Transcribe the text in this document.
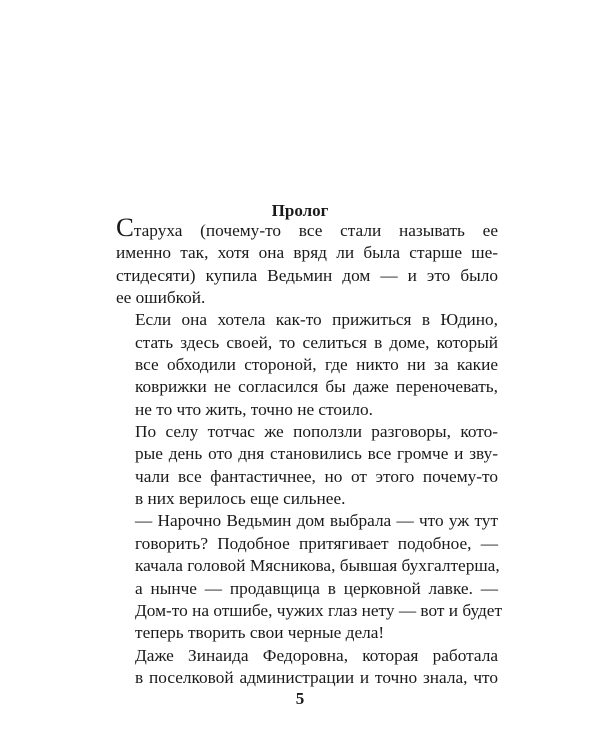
Пролог

Старуха (почему-то все стали называть ее
именно так, хотя она вряд ли была старше ше-
стидесяти) купила Ведьмин дом — и это было
ее ошибкой.

Если она хотела как-то прижиться в Юдино,
стать здесь своей, то селиться в доме, который
все обходили стороной, где никто ни за какие
коврижки не согласился бы даже переночевать,
не то что жить, точно не стоило.

По селу тотчас же поползли разговоры, кото-
рые день ото дня становились все громче и зву-
чали все фантастичнее, но от этого почему-то
в них верилось еще сильнее.

— Нарочно Ведьмин дом выбрала — что уж тут
говорить? Подобное притягивает подобное, —
качала головой Мясникова, бывшая бухгалтерша,
а нынче — продавщица в церковной лавке. —
Дом-то на отшибе, чужих глаз нету — вот и будет
теперь творить свои черные дела!

Даже Зинаида Федоровна, которая работала
в поселковой администрации и точно знала, что

5
